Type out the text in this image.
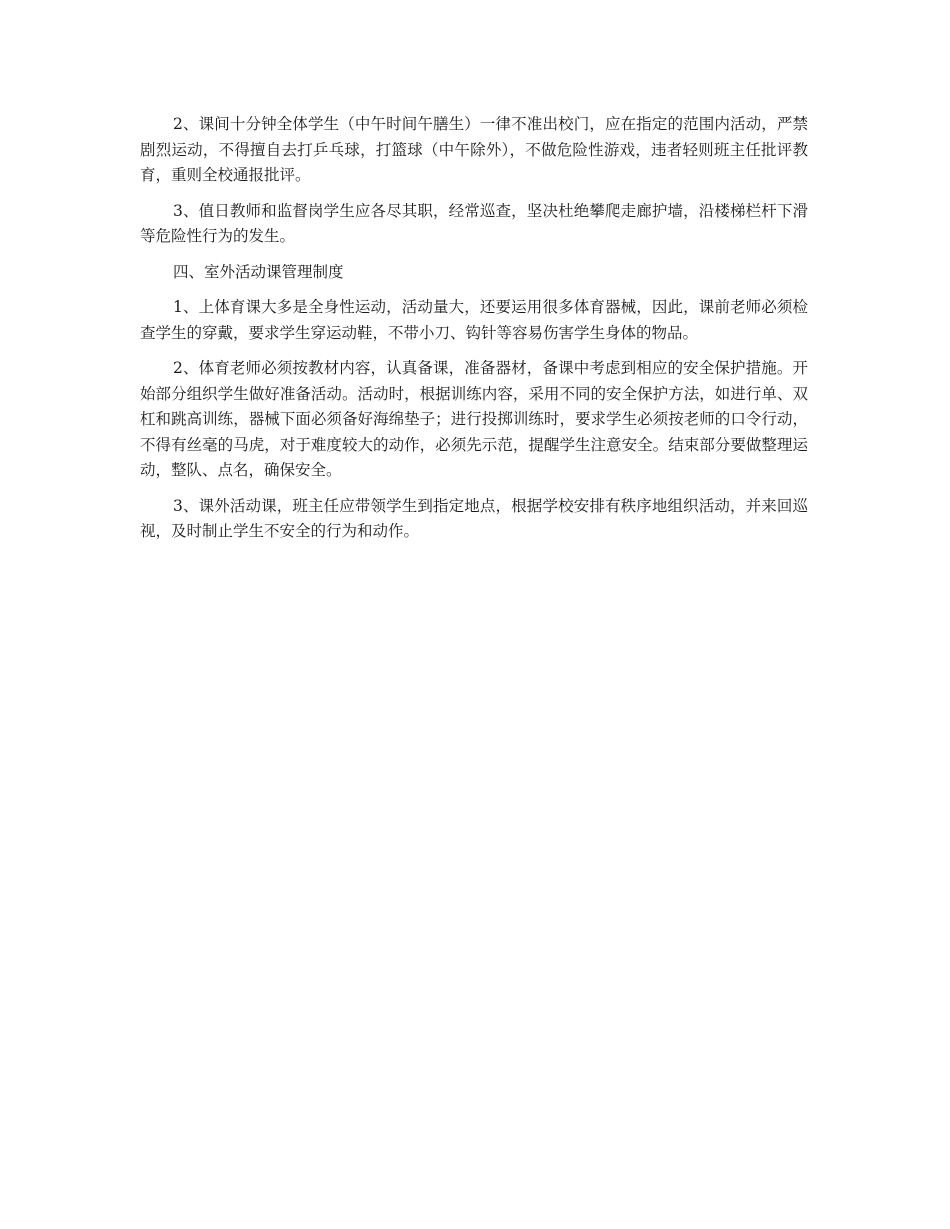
2、课间十分钟全体学生（中午时间午膳生）一律不准出校门，应在指定的范围内活动，严禁剧烈运动，不得擅自去打乒乓球，打篮球（中午除外），不做危险性游戏，违者轻则班主任批评教育，重则全校通报批评。

3、值日教师和监督岗学生应各尽其职，经常巡查，坚决杜绝攀爬走廊护墙，沿楼梯栏杆下滑等危险性行为的发生。

四、室外活动课管理制度

1、上体育课大多是全身性运动，活动量大，还要运用很多体育器械，因此，课前老师必须检查学生的穿戴，要求学生穿运动鞋，不带小刀、钩针等容易伤害学生身体的物品。

2、体育老师必须按教材内容，认真备课，准备器材，备课中考虑到相应的安全保护措施。开始部分组织学生做好准备活动。活动时，根据训练内容，采用不同的安全保护方法，如进行单、双杠和跳高训练，器械下面必须备好海绵垫子；进行投掷训练时，要求学生必须按老师的口令行动，不得有丝毫的马虎，对于难度较大的动作，必须先示范，提醒学生注意安全。结束部分要做整理运动，整队、点名，确保安全。

3、课外活动课，班主任应带领学生到指定地点，根据学校安排有秩序地组织活动，并来回巡视，及时制止学生不安全的行为和动作。
